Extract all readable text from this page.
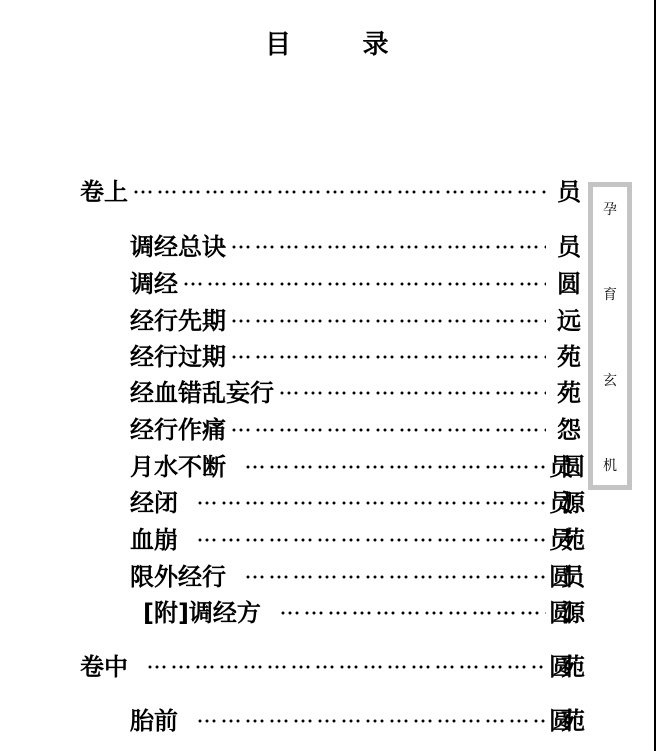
目　　录
孕
育
玄
机
卷上	员
调经总诀	员
调经	圆
经行先期	远
经行过期	苑
经血错乱妄行	苑
经行作痛	怨
月水不断	员圆
经闭	员源
血崩	员苑
限外经行	圆员
[附]调经方	圆源
卷中	圆苑
胎前	圆苑
